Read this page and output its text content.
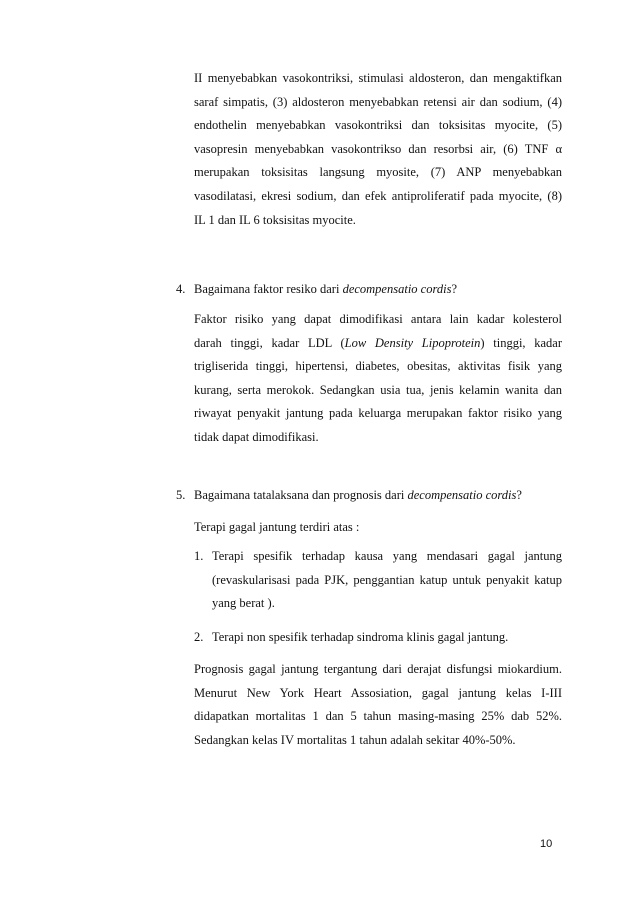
II menyebabkan vasokontriksi, stimulasi aldosteron, dan mengaktifkan
saraf simpatis, (3) aldosteron menyebabkan retensi air dan sodium, (4)
endothelin menyebabkan vasokontriksi dan toksisitas myocite, (5)
vasopresin menyebabkan vasokontrikso dan resorbsi air, (6) TNF α
merupakan toksisitas langsung myosite, (7) ANP menyebabkan
vasodilatasi, ekresi sodium, dan efek antiproliferatif pada myocite, (8)
IL 1 dan IL 6 toksisitas myocite.
4. Bagaimana faktor resiko dari decompensatio cordis?
Faktor risiko yang dapat dimodifikasi antara lain kadar kolesterol
darah tinggi, kadar LDL (Low Density Lipoprotein) tinggi, kadar
trigliserida tinggi, hipertensi, diabetes, obesitas, aktivitas fisik yang
kurang, serta merokok. Sedangkan usia tua, jenis kelamin wanita dan
riwayat penyakit jantung pada keluarga merupakan faktor risiko yang
tidak dapat dimodifikasi.
5. Bagaimana tatalaksana dan prognosis dari decompensatio cordis?
Terapi gagal jantung terdiri atas :
1. Terapi spesifik terhadap kausa yang mendasari gagal jantung
(revaskularisasi pada PJK, penggantian katup untuk penyakit katup
yang berat ).
2. Terapi non spesifik terhadap sindroma klinis gagal jantung.
Prognosis gagal jantung tergantung dari derajat disfungsi miokardium.
Menurut New York Heart Assosiation, gagal jantung kelas I-III
didapatkan mortalitas 1 dan 5 tahun masing-masing 25% dab 52%.
Sedangkan kelas IV mortalitas 1 tahun adalah sekitar 40%-50%.
10
